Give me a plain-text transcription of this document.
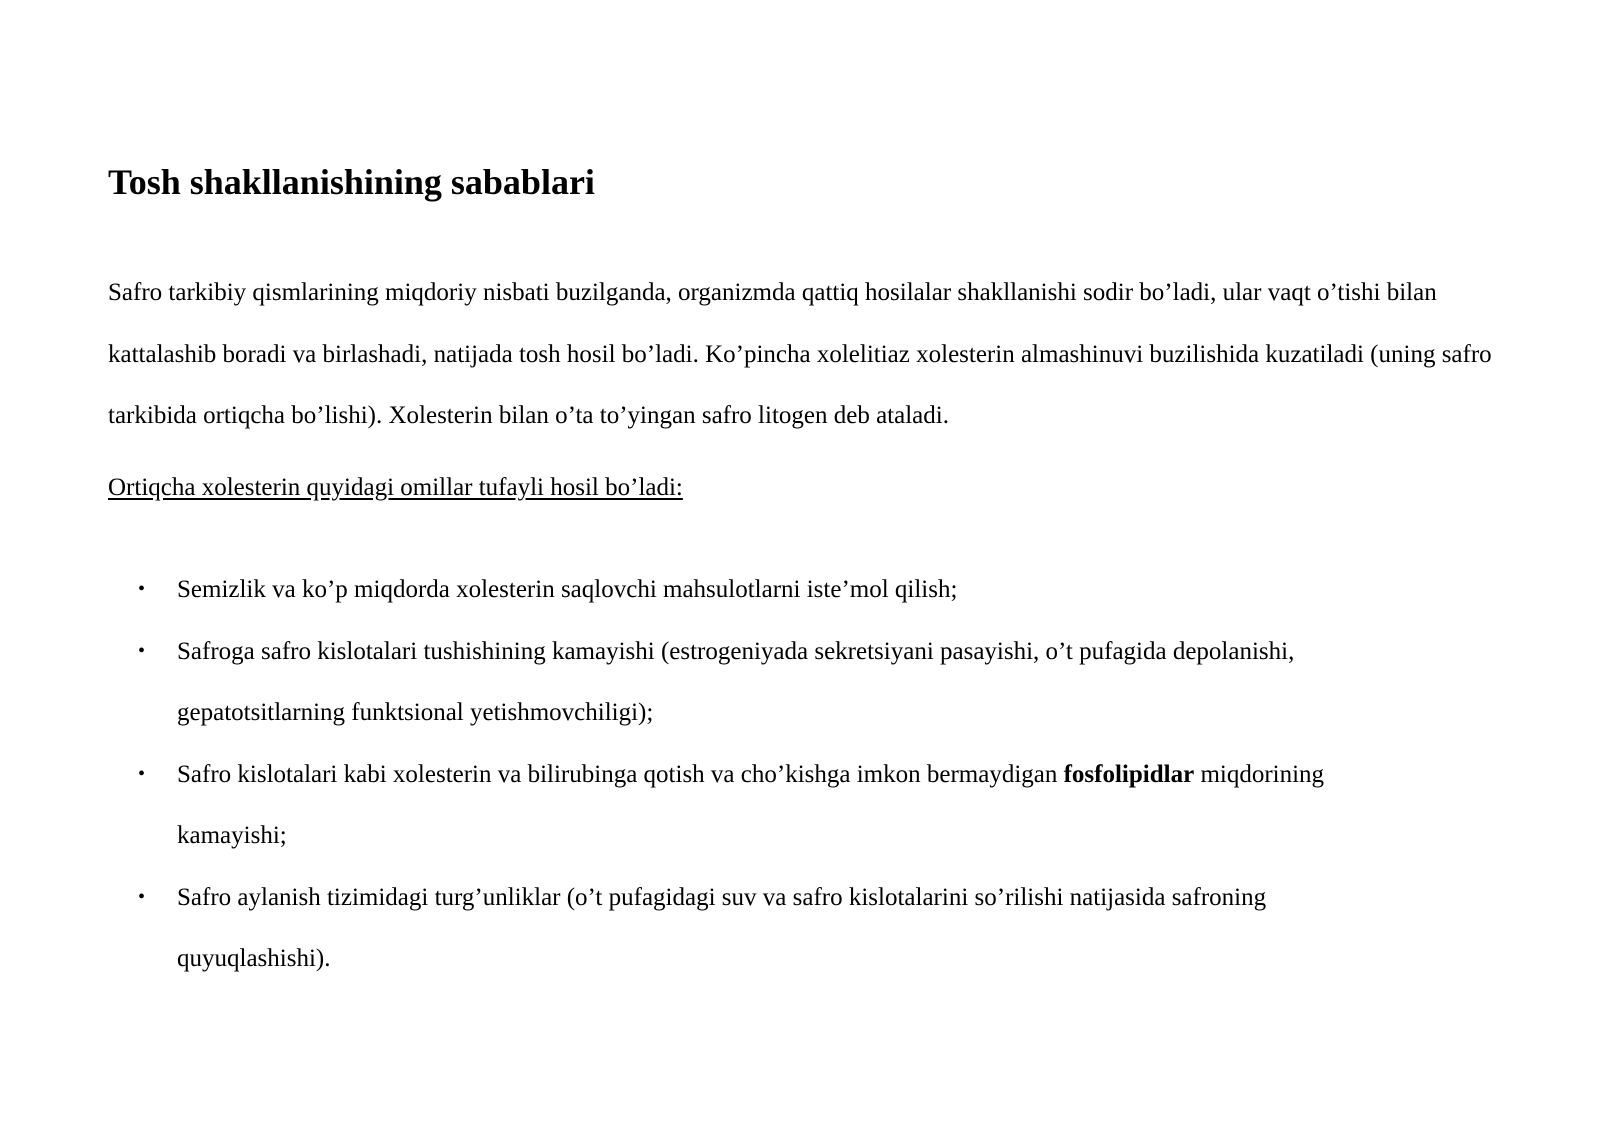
Tosh shakllanishining sabablari

Safro tarkibiy qismlarining miqdoriy nisbati buzilganda, organizmda qattiq hosilalar shakllanishi sodir bo’ladi, ular vaqt o’tishi bilan kattalashib boradi va birlashadi, natijada tosh hosil bo’ladi. Ko’pincha xolelitiaz xolesterin almashinuvi buzilishida kuzatiladi (uning safro tarkibida ortiqcha bo’lishi). Xolesterin bilan o’ta to’yingan safro litogen deb ataladi.

Ortiqcha xolesterin quyidagi omillar tufayli hosil bo’ladi:

• Semizlik va ko’p miqdorda xolesterin saqlovchi mahsulotlarni iste’mol qilish;
• Safroga safro kislotalari tushishining kamayishi (estrogeniyada sekretsiyani pasayishi, o’t pufagida depolanishi, gepatotsitlarning funktsional yetishmovchiligi);
• Safro kislotalari kabi xolesterin va bilirubinga qotish va cho’kishga imkon bermaydigan fosfolipidlar miqdorining kamayishi;
• Safro aylanish tizimidagi turg’unliklar (o’t pufagidagi suv va safro kislotalarini so’rilishi natijasida safroning quyuqlashishi).
